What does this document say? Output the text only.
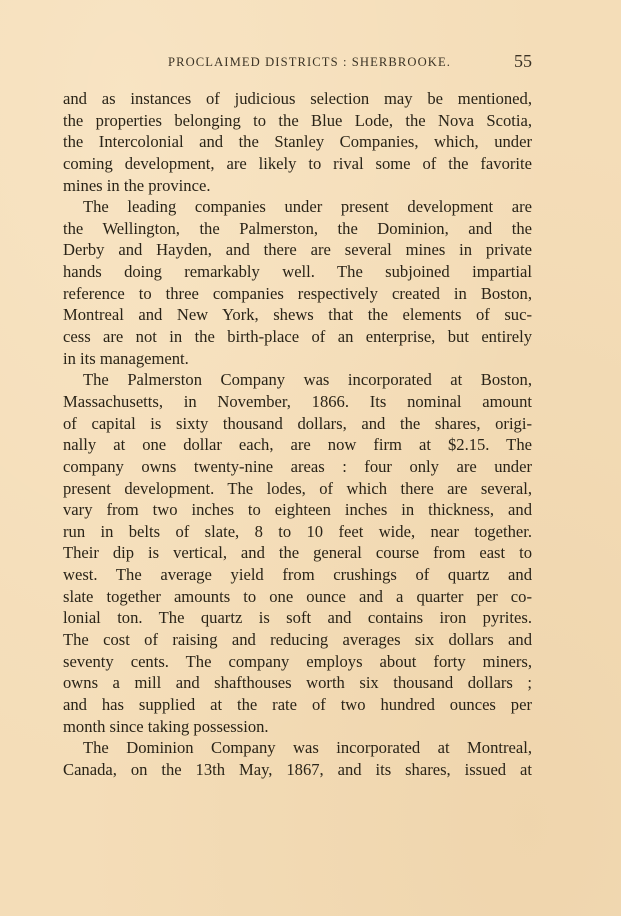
PROCLAIMED DISTRICTS : SHERBROOKE.	55
and as instances of judicious selection may be mentioned,
the properties belonging to the Blue Lode, the Nova Scotia,
the Intercolonial and the Stanley Companies, which, under
coming development, are likely to rival some of the favorite
mines in the province.
The leading companies under present development are
the Wellington, the Palmerston, the Dominion, and the
Derby and Hayden, and there are several mines in private
hands doing remarkably well. The subjoined impartial
reference to three companies respectively created in Boston,
Montreal and New York, shews that the elements of suc-
cess are not in the birth-place of an enterprise, but entirely
in its management.
The Palmerston Company was incorporated at Boston,
Massachusetts, in November, 1866. Its nominal amount
of capital is sixty thousand dollars, and the shares, origi-
nally at one dollar each, are now firm at $2.15. The
company owns twenty-nine areas : four only are under
present development. The lodes, of which there are several,
vary from two inches to eighteen inches in thickness, and
run in belts of slate, 8 to 10 feet wide, near together.
Their dip is vertical, and the general course from east to
west. The average yield from crushings of quartz and
slate together amounts to one ounce and a quarter per co-
lonial ton. The quartz is soft and contains iron pyrites.
The cost of raising and reducing averages six dollars and
seventy cents. The company employs about forty miners,
owns a mill and shafthouses worth six thousand dollars ;
and has supplied at the rate of two hundred ounces per
month since taking possession.
The Dominion Company was incorporated at Montreal,
Canada, on the 13th May, 1867, and its shares, issued at
